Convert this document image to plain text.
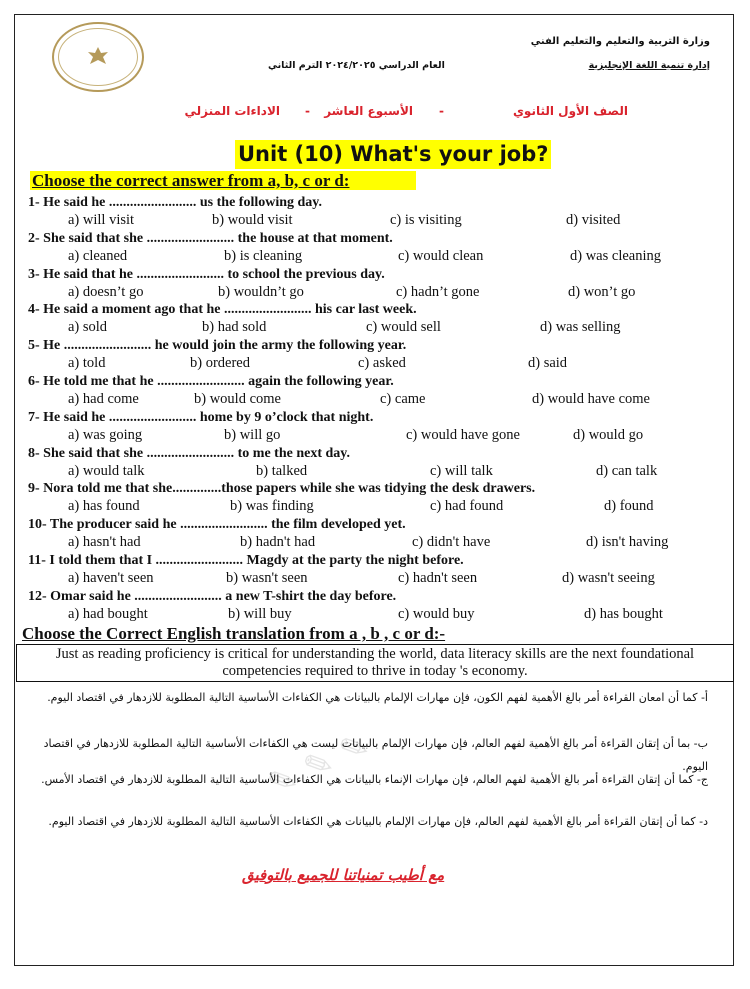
وزارة التربية والتعليم والتعليم الفني
إدارة تنمية اللغة الإنجليزية
العام الدراسي ٢٠٢٤/٢٠٢٥ الترم الثاني
الصف الأول الثانوي
-
الأسبوع العاشر
-
الاداءات المنزلي
Unit (10) What's your job?
Choose the correct answer from a, b, c or d:
1- He said he ......................... us the following day.
a) will visit	b) would visit	c) is visiting	d) visited
2- She said that she ......................... the house at that moment.
a) cleaned	b) is cleaning	c) would clean	d) was cleaning
3- He said that he ......................... to school the previous day.
a) doesn’t go	b) wouldn’t go	c) hadn’t gone	d) won’t go
4- He said a moment ago that he ......................... his car last week.
a) sold	b) had sold	c) would sell	d) was selling
5- He ......................... he would join the army the following year.
a) told	b) ordered	c) asked	d) said
6- He told me that he ......................... again the following year.
a) had come	b) would come	c) came	d) would have come
7- He said he ......................... home by 9 o’clock that night.
a) was going	b) will go	c) would have gone	d) would go
8- She said that she ......................... to me the next day.
a) would talk	b) talked	c) will talk	d) can talk
9- Nora told me that she..............those papers while she was tidying the desk drawers.
a) has found	b) was finding	c) had found	d) found
10- The producer said he ......................... the film developed yet.
a) hasn't had	b) hadn't had	c) didn't have	d) isn't having
11- I told them that I ......................... Magdy at the party the night before.
a) haven't seen	b) wasn't seen	c) hadn't seen	d) wasn't seeing
12- Omar said he ......................... a new T-shirt the day before.
a) had bought	b) will buy	c) would buy	d) has bought
Choose the Correct English translation from a , b , c or d:-
Just as reading proficiency is critical for understanding the world, data literacy skills are the next foundational competencies required to thrive in today 's economy.
✎ ✎ ✎
أ- كما أن امعان القراءة أمر بالغ الأهمية لفهم الكون، فإن مهارات الإلمام بالبيانات هي الكفاءات الأساسية التالية المطلوبة للازدهار في اقتصاد اليوم.
ب- بما أن إتقان القراءة أمر بالغ الأهمية لفهم العالم، فإن مهارات الإلمام بالبيانات ليست هي الكفاءات الأساسية التالية المطلوبة للازدهار في اقتصاد اليوم.
ج- كما أن إتقان القراءة أمر بالغ الأهمية لفهم العالم، فإن مهارات الإنماء بالبيانات هي الكفاءات الأساسية التالية المطلوبة للازدهار في اقتصاد الأمس.
د- كما أن إتقان القراءة أمر بالغ الأهمية لفهم العالم، فإن مهارات الإلمام بالبيانات هي الكفاءات الأساسية التالية المطلوبة للازدهار في اقتصاد اليوم.
مع أطيب تمنياتنا للجميع بالتوفيق
